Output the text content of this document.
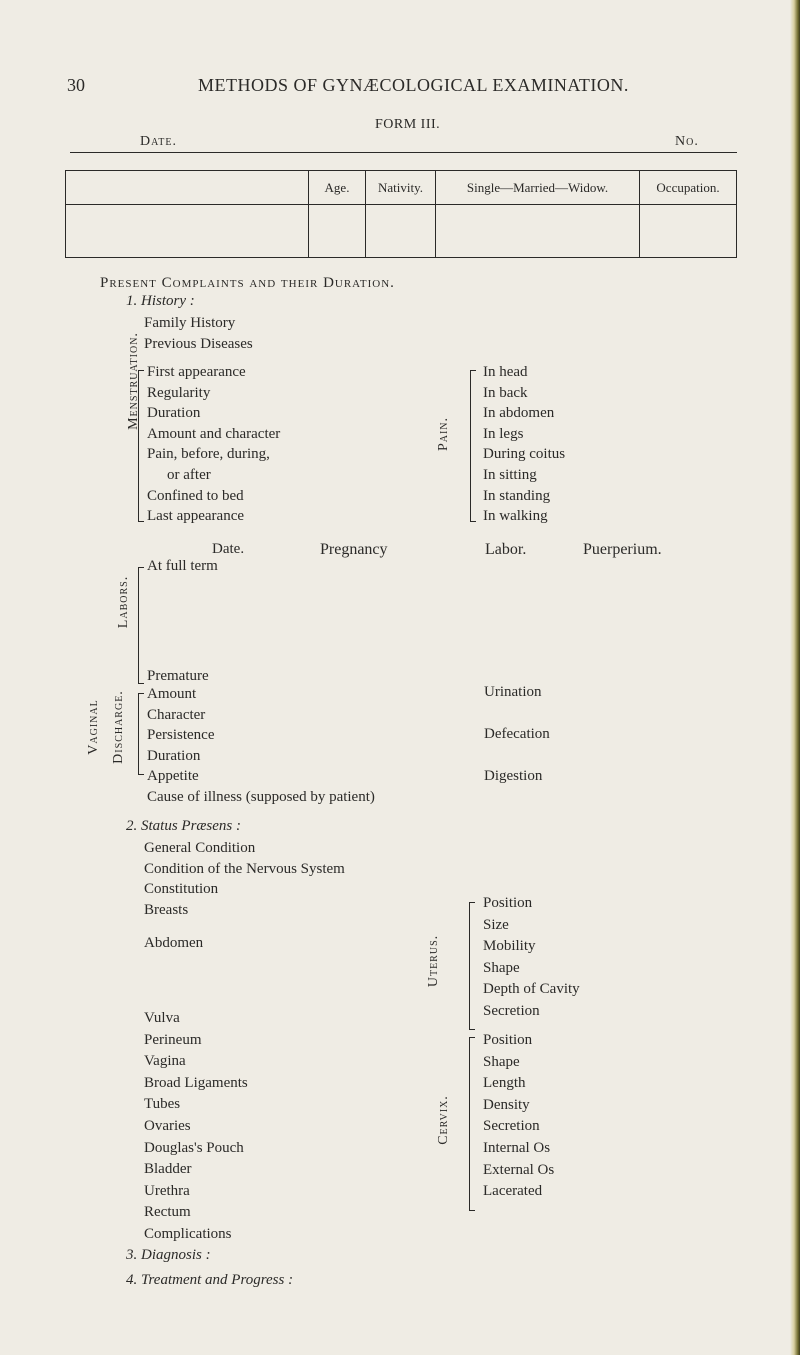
30	METHODS OF GYNÆCOLOGICAL EXAMINATION.
FORM III.
Date.	No.
	Age.	Nativity.	Single—Married—Widow.	Occupation.

Present Complaints and their Duration.
1. History :
Family History
Previous Diseases
Menstruation. First appearance
Regularity
Duration
Amount and character
Pain, before, during,
or after
Confined to bed
Last appearance
Pain.
In head
In back
In abdomen
In legs
During coitus
In sitting
In standing
In walking
Date.	Pregnancy	Labor.	Puerperium.
Labors.
At full term
Premature
Vaginal Discharge. Amount
Character
Persistence
Duration
Urination
Defecation
Digestion
Appetite
Cause of illness (supposed by patient)
2. Status Præsens :
General Condition
Condition of the Nervous System
Constitution
Breasts
Abdomen
Vulva
Perineum
Vagina
Broad Ligaments
Tubes
Ovaries
Douglas's Pouch
Bladder
Urethra
Rectum
Complications
Uterus.
Position
Size
Mobility
Shape
Depth of Cavity
Secretion
Cervix.
Position
Shape
Length
Density
Secretion
Internal Os
External Os
Lacerated
3. Diagnosis :
4. Treatment and Progress :
